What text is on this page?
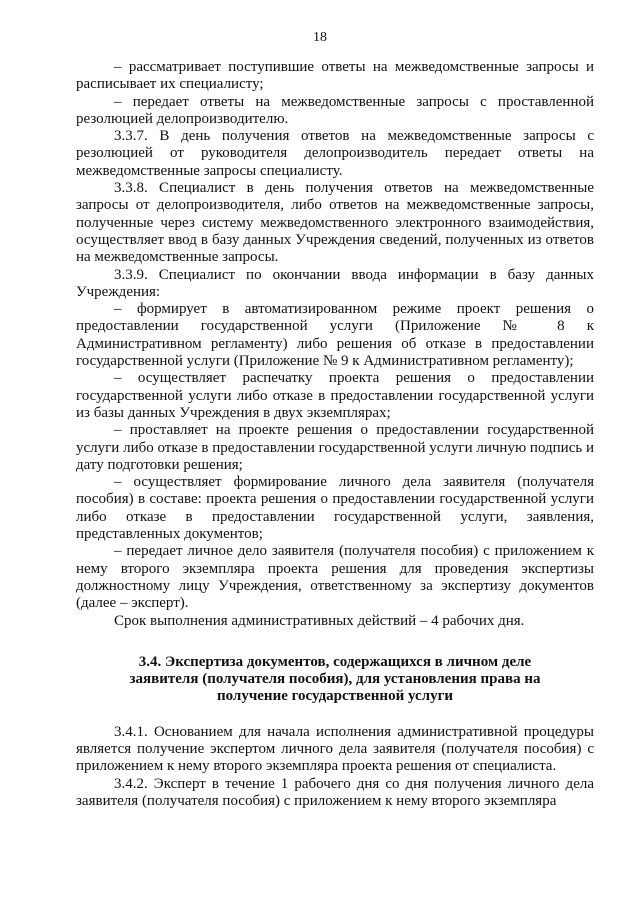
18

– рассматривает поступившие ответы на межведомственные запросы и расписывает их специалисту;

– передает ответы на межведомственные запросы с проставленной резолюцией делопроизводителю.

3.3.7. В день получения ответов на межведомственные запросы с резолюцией от руководителя делопроизводитель передает ответы на межведомственные запросы специалисту.

3.3.8. Специалист в день получения ответов на межведомственные запросы от делопроизводителя, либо ответов на межведомственные запросы, полученные через систему межведомственного электронного взаимодействия, осуществляет ввод в базу данных Учреждения сведений, полученных из ответов на межведомственные запросы.

3.3.9. Специалист по окончании ввода информации в базу данных Учреждения:

– формирует в автоматизированном режиме проект решения о предоставлении государственной услуги (Приложение № 8 к Административном регламенту) либо решения об отказе в предоставлении государственной услуги (Приложение № 9 к Административном регламенту);

– осуществляет распечатку проекта решения о предоставлении государственной услуги либо отказе в предоставлении государственной услуги из базы данных Учреждения в двух экземплярах;

– проставляет на проекте решения о предоставлении государственной услуги либо отказе в предоставлении государственной услуги личную подпись и дату подготовки решения;

– осуществляет формирование личного дела заявителя (получателя пособия) в составе: проекта решения о предоставлении государственной услуги либо отказе в предоставлении государственной услуги, заявления, представленных документов;

– передает личное дело заявителя (получателя пособия) с приложением к нему второго экземпляра проекта решения для проведения экспертизы должностному лицу Учреждения, ответственному за экспертизу документов (далее – эксперт).

Срок выполнения административных действий – 4 рабочих дня.

3.4. Экспертиза документов, содержащихся в личном деле заявителя (получателя пособия), для установления права на получение государственной услуги

3.4.1. Основанием для начала исполнения административной процедуры является получение экспертом личного дела заявителя (получателя пособия) с приложением к нему второго экземпляра проекта решения от специалиста.

3.4.2. Эксперт в течение 1 рабочего дня со дня получения личного дела заявителя (получателя пособия) с приложением к нему второго экземпляра
